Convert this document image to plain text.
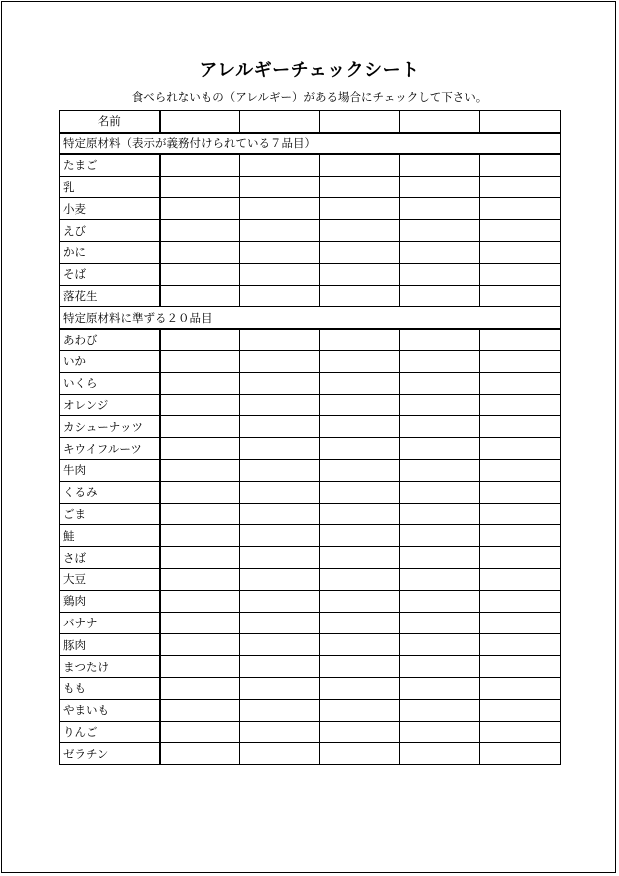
アレルギーチェックシート
食べられないもの（アレルギー）がある場合にチェックして下さい。
名前					
特定原材料（表示が義務付けられている７品目）					
たまご					
乳					
小麦					
えび					
かに					
そば					
落花生					
特定原材料に準ずる２０品目					
あわび					
いか					
いくら					
オレンジ					
カシューナッツ					
キウイフルーツ					
牛肉					
くるみ					
ごま					
鮭					
さば					
大豆					
鶏肉					
バナナ					
豚肉					
まつたけ					
もも					
やまいも					
りんご					
ゼラチン					
